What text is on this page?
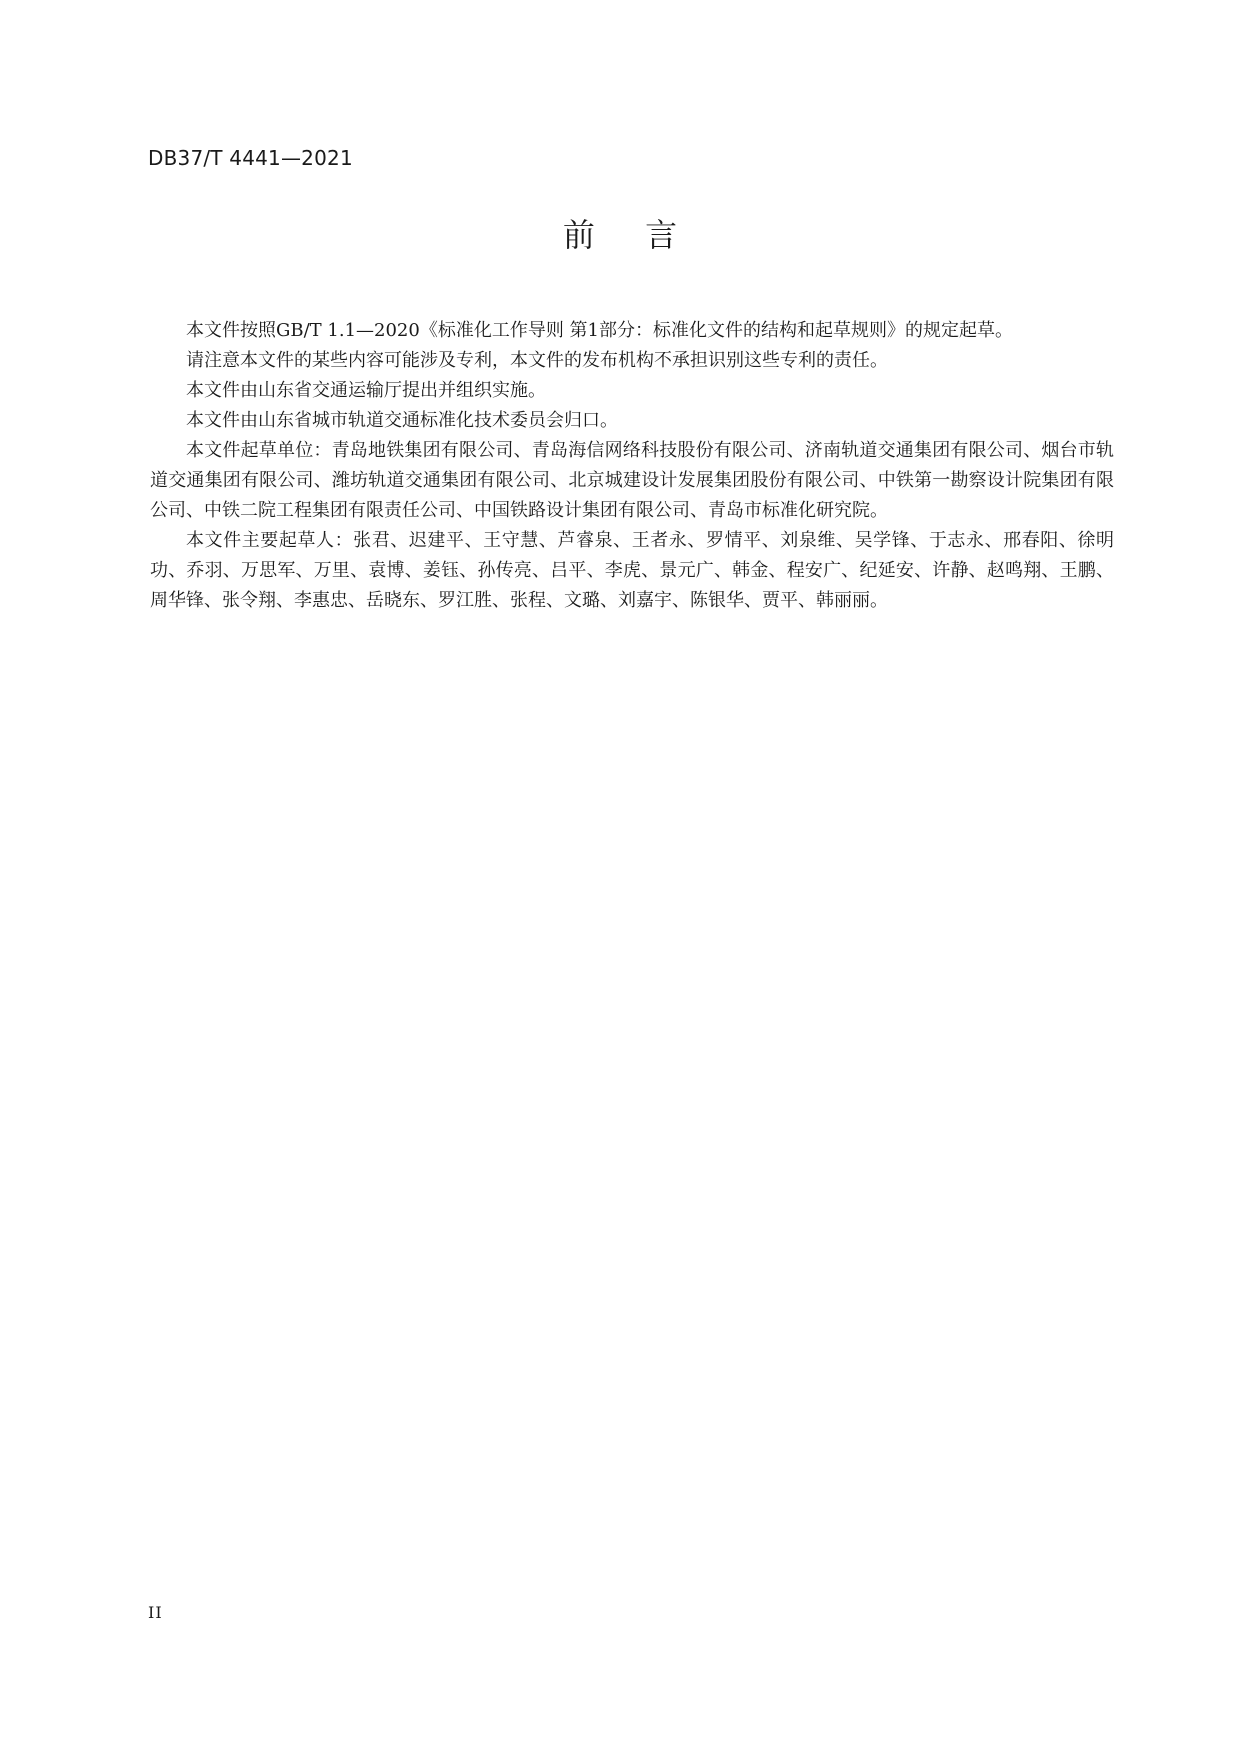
DB37/T 4441—2021
前 言

本文件按照GB/T 1.1—2020《标准化工作导则 第1部分：标准化文件的结构和起草规则》的规定起草。

请注意本文件的某些内容可能涉及专利，本文件的发布机构不承担识别这些专利的责任。

本文件由山东省交通运输厅提出并组织实施。

本文件由山东省城市轨道交通标准化技术委员会归口。

本文件起草单位：青岛地铁集团有限公司、青岛海信网络科技股份有限公司、济南轨道交通集团有限公司、烟台市轨道交通集团有限公司、潍坊轨道交通集团有限公司、北京城建设计发展集团股份有限公司、中铁第一勘察设计院集团有限公司、中铁二院工程集团有限责任公司、中国铁路设计集团有限公司、青岛市标准化研究院。

本文件主要起草人：张君、迟建平、王守慧、芦睿泉、王者永、罗情平、刘泉维、吴学锋、于志永、邢春阳、徐明功、乔羽、万思军、万里、袁博、姜钰、孙传亮、吕平、李虎、景元广、韩金、程安广、纪延安、许静、赵鸣翔、王鹏、周华锋、张令翔、李惠忠、岳晓东、罗江胜、张程、文璐、刘嘉宇、陈银华、贾平、韩丽丽。

II
